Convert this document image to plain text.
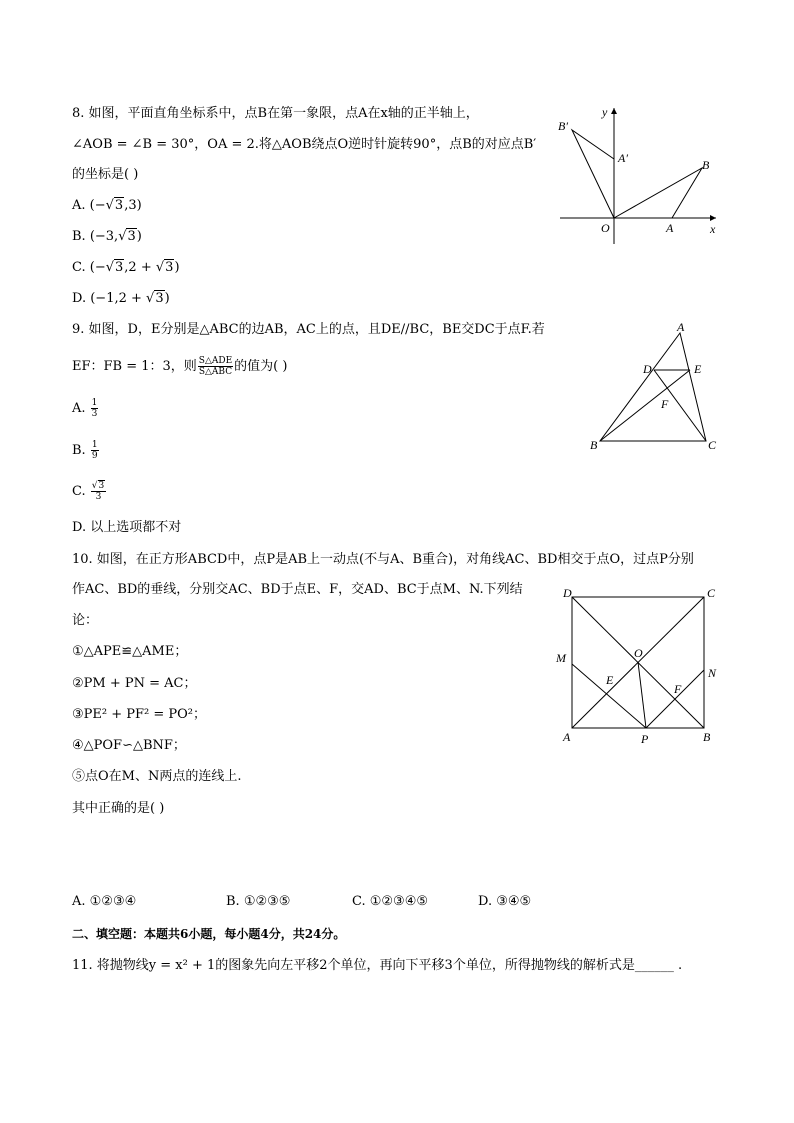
8. 如图，平面直角坐标系中，点B在第一象限，点A在x轴的正半轴上，
∠AOB = ∠B = 30°，OA = 2.将△AOB绕点O逆时针旋转90°，点B的对应点B′
的坐标是( )
A. (−√3,3)
B. (−3,√3)
C. (−√3,2 + √3)
D. (−1,2 + √3)
y
x
O	A
A′	B
B′
9. 如图，D，E分别是△ABC的边AB，AC上的点，且DE//BC，BE交DC于点F.若
EF：FB = 1：3，则 $\frac{\text{S△ADE}}{\text{S△ABC}}$ 的值为( )
A. $\frac{1}{3}$
B. $\frac{1}{9}$
C. $\frac{√3}{3}$
D. 以上选项都不对
A
B	C
D	E
F
10. 如图，在正方形ABCD中，点P是AB上一动点(不与A、B重合)，对角线AC、BD相交于点O，过点P分别
作AC、BD的垂线，分别交AC、BD于点E、F，交AD、BC于点M、N.下列结
论：
①△APE≌△AME；
②PM + PN = AC；
③PE² + PF² = PO²；
④△POF∽△BNF；
⑤点O在M、N两点的连线上.
其中正确的是( )
A. ①②③④	B. ①②③⑤	C. ①②③④⑤	D. ③④⑤
D	C
A	B
O
E
F
M
N
P
二、填空题：本题共6小题，每小题4分，共24分。
11. 将抛物线y = x² + 1的图象先向左平移2个单位，再向下平移3个单位，所得抛物线的解析式是______ .
